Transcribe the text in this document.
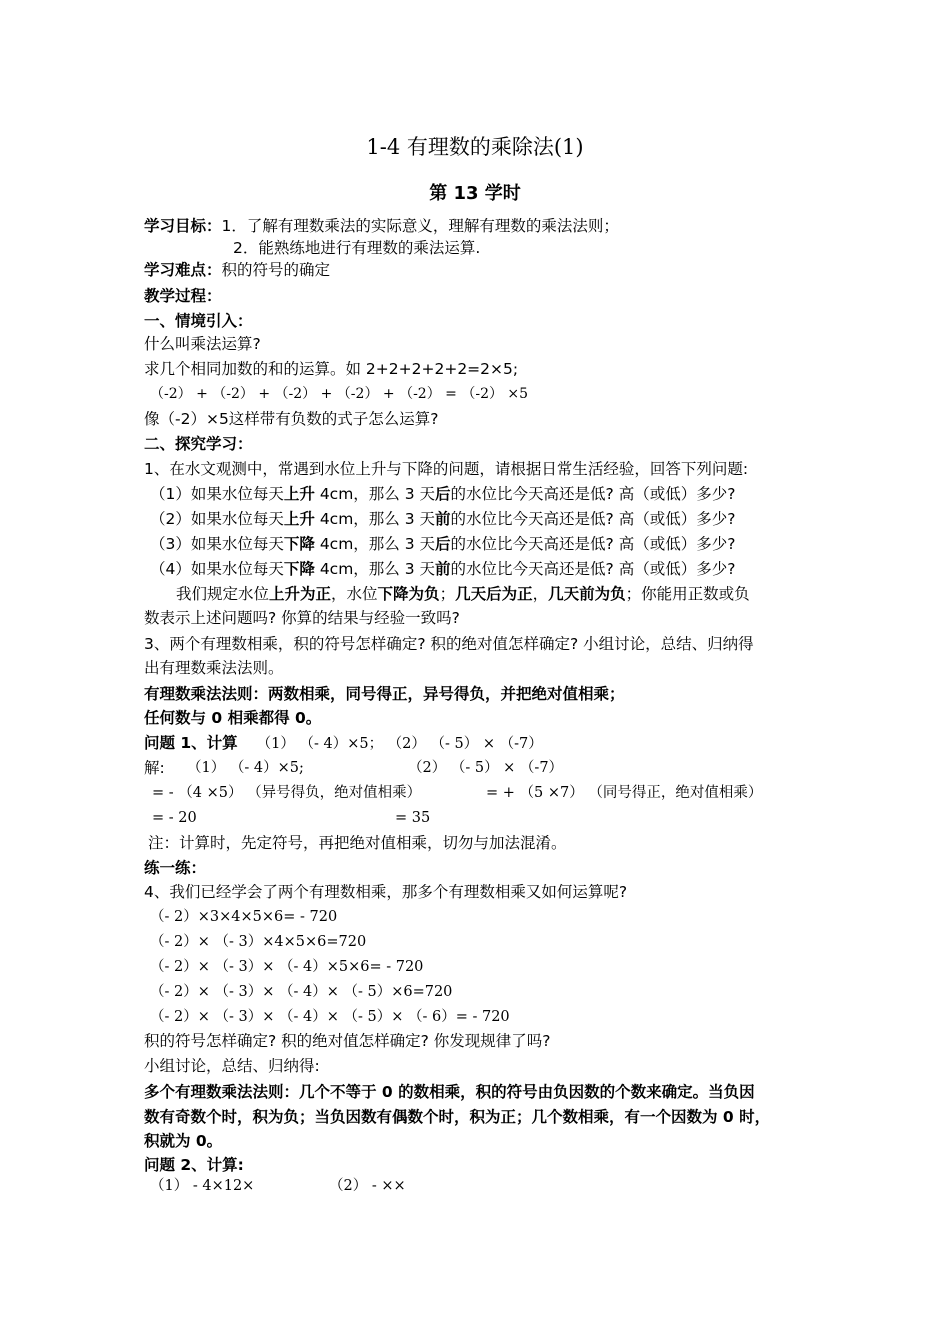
1-4 有理数的乘除法(1)
第 13 学时
学习目标：1．了解有理数乘法的实际意义，理解有理数的乘法法则；
2．能熟练地进行有理数的乘法运算.
学习难点：积的符号的确定
教学过程：
一、情境引入：
什么叫乘法运算?
求几个相同加数的和的运算。如 2+2+2+2+2=2×5;
（-2） + （-2） + （-2） + （-2） + （-2） = （-2） ×5
像（-2）×5这样带有负数的式子怎么运算?
二、探究学习：
1、在水文观测中，常遇到水位上升与下降的问题，请根据日常生活经验，回答下列问题:
（1）如果水位每天上升 4cm，那么 3 天后的水位比今天高还是低? 高（或低）多少?
（2）如果水位每天上升 4cm，那么 3 天前的水位比今天高还是低? 高（或低）多少?
（3）如果水位每天下降 4cm，那么 3 天后的水位比今天高还是低? 高（或低）多少?
（4）如果水位每天下降 4cm，那么 3 天前的水位比今天高还是低? 高（或低）多少?
我们规定水位上升为正，水位下降为负；几天后为正，几天前为负；你能用正数或负
数表示上述问题吗? 你算的结果与经验一致吗?
3、两个有理数相乘，积的符号怎样确定? 积的绝对值怎样确定? 小组讨论，总结、归纳得
出有理数乘法法则。
有理数乘法法则：两数相乘，同号得正，异号得负，并把绝对值相乘；
任何数与 0 相乘都得 0。
问题 1、计算 （1） （- 4）×5； （2） （- 5） × （-7）
解: （1） （- 4）×5;	（2） （- 5） × （-7）
= - （4 ×5） （异号得负，绝对值相乘）	= + （5 ×7） （同号得正，绝对值相乘）
= - 20	= 35
注：计算时，先定符号，再把绝对值相乘，切勿与加法混淆。
练一练：
4、我们已经学会了两个有理数相乘，那多个有理数相乘又如何运算呢?
（- 2）×3×4×5×6= - 720
（- 2）× （- 3）×4×5×6=720
（- 2）× （- 3）× （- 4）×5×6= - 720
（- 2）× （- 3）× （- 4）× （- 5）×6=720
（- 2）× （- 3）× （- 4）× （- 5）× （- 6）= - 720
积的符号怎样确定? 积的绝对值怎样确定? 你发现规律了吗?
小组讨论，总结、归纳得:
多个有理数乘法法则：几个不等于 0 的数相乘，积的符号由负因数的个数来确定。当负因
数有奇数个时，积为负；当负因数有偶数个时，积为正；几个数相乘，有一个因数为 0 时，
积就为 0。
问题 2、计算:
（1） - 4×12×	（2） - ××
